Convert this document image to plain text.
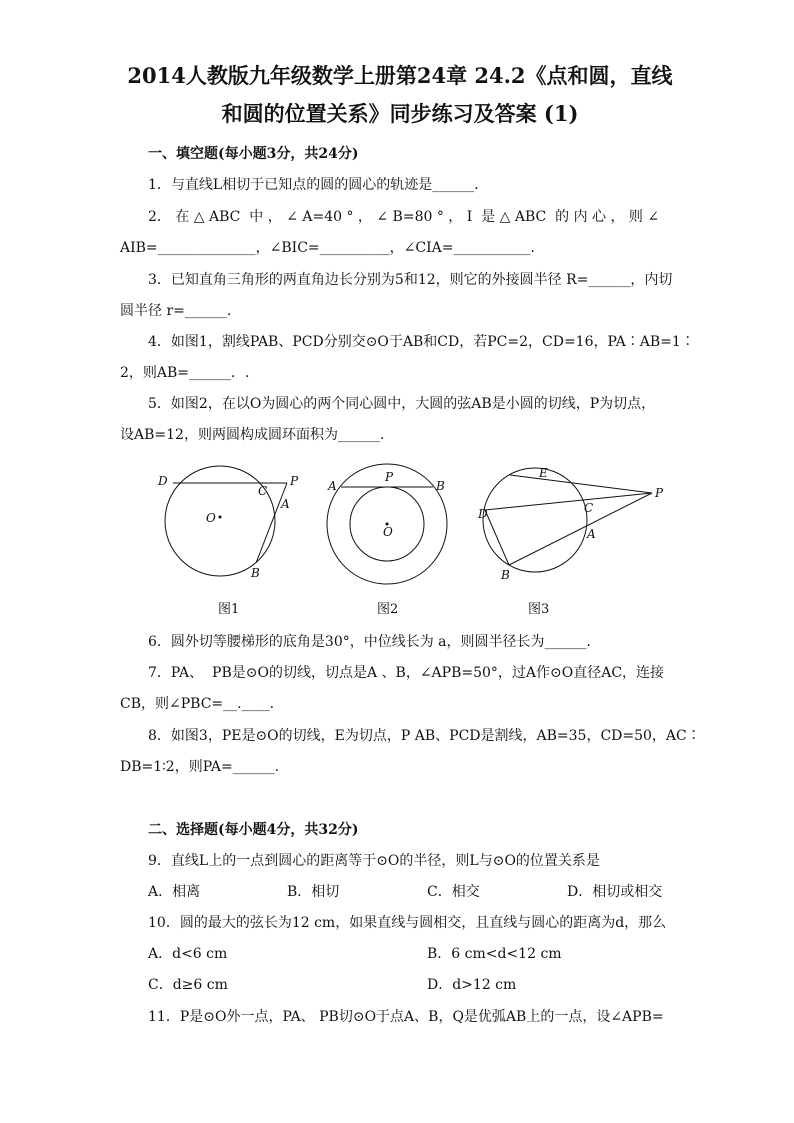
2014人教版九年级数学上册第24章 24.2《点和圆，直线
和圆的位置关系》同步练习及答案 (1)
一、填空题(每小题3分，共24分)
1．与直线L相切于已知点的圆的圆心的轨迹是______．
2． 在 △ ABC  中 ， ∠ A=40 ° ， ∠ B=80 ° ， I  是 △ ABC  的 内 心 ， 则 ∠
AIB=______________，∠BIC=__________，∠CIA=___________.
3．已知直角三角形的两直角边长分别为5和12，则它的外接圆半径 R=______，内切
圆半径 r=______．
4．如图1，割线PAB、PCD分别交⊙O于AB和CD，若PC=2，CD=16，PA∶AB=1∶
2，则AB=______．.
5．如图2，在以O为圆心的两个同心圆中，大圆的弦AB是小圆的切线，P为切点，
设AB=12，则两圆构成圆环面积为______.
D
C
P
A
B
O
图1
A
P
B
O
图2
E
P
D	C
A
B
图3
6．圆外切等腰梯形的底角是30°，中位线长为 a，则圆半径长为______．
7．PA、  PB是⊙O的切线，切点是A 、B，∠APB=50°，过A作⊙O直径AC，连接
CB，则∠PBC=__.____.
8．如图3，PE是⊙O的切线，E为切点，P AB、PCD是割线，AB=35，CD=50，AC∶
DB=1∶2，则PA=______.
二、选择题(每小题4分，共32分)
9．直线L上的一点到圆心的距离等于⊙O的半径，则L与⊙O的位置关系是
A．相离	B．相切	C．相交	D．相切或相交
10．圆的最大的弦长为12 cm，如果直线与圆相交，且直线与圆心的距离为d，那么
A．d<6 cm	B．6 cm<d<12 cm
C．d≥6 cm	D．d>12 cm
11．P是⊙O外一点，PA、 PB切⊙O于点A、B，Q是优弧AB上的一点，设∠APB=
